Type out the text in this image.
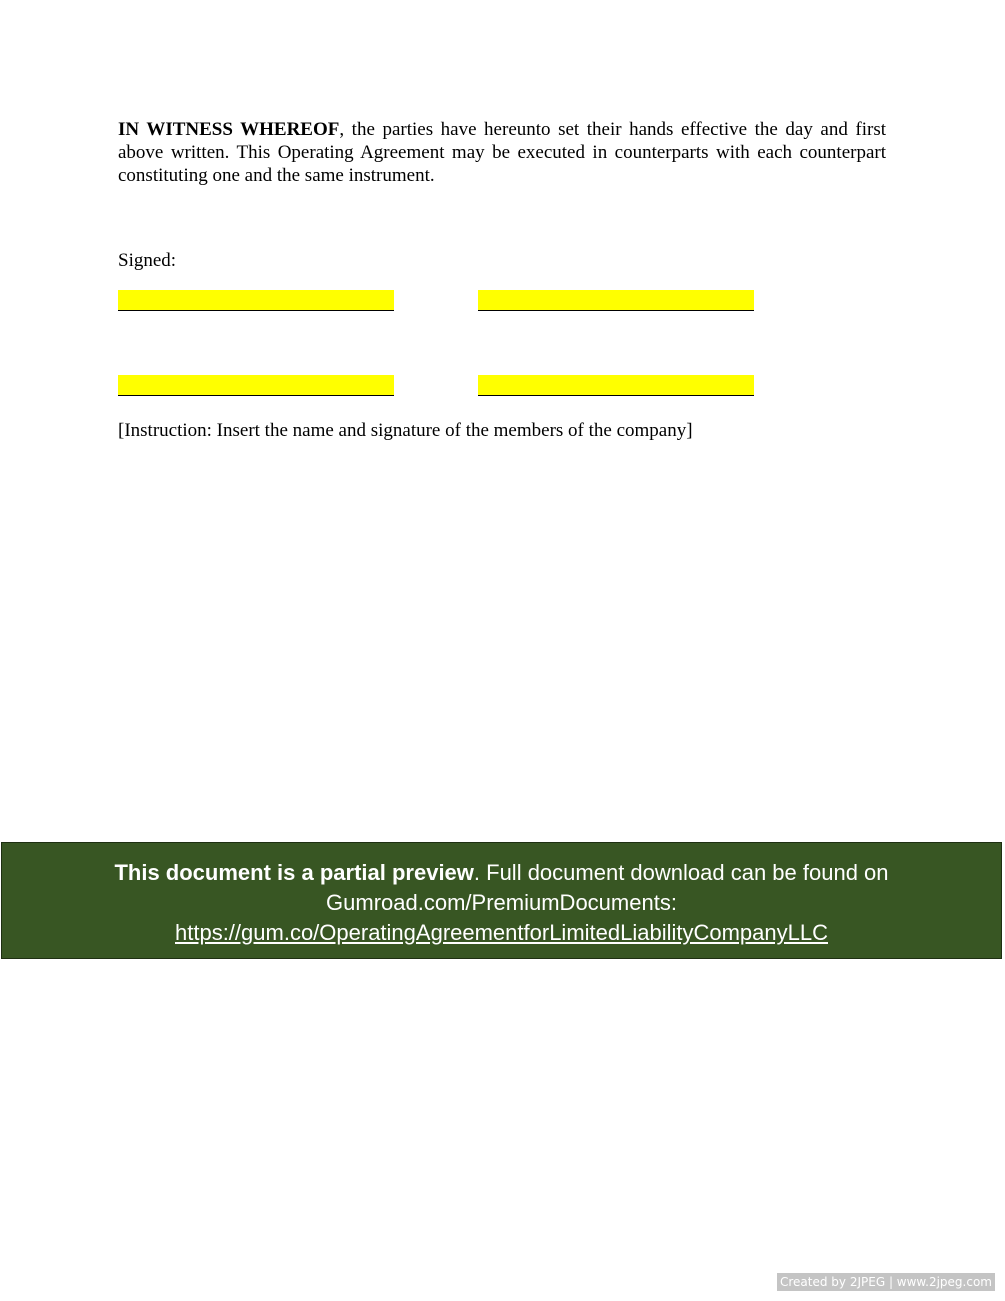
IN WITNESS WHEREOF, the parties have hereunto set their hands effective the day and first above written. This Operating Agreement may be executed in counterparts with each counterpart constituting one and the same instrument.

Signed:

[Instruction: Insert the name and signature of the members of the company]

This document is a partial preview. Full document download can be found on
Gumroad.com/PremiumDocuments:
https://gum.co/OperatingAgreementforLimitedLiabilityCompanyLLC
Created by 2JPEG | www.2jpeg.com
